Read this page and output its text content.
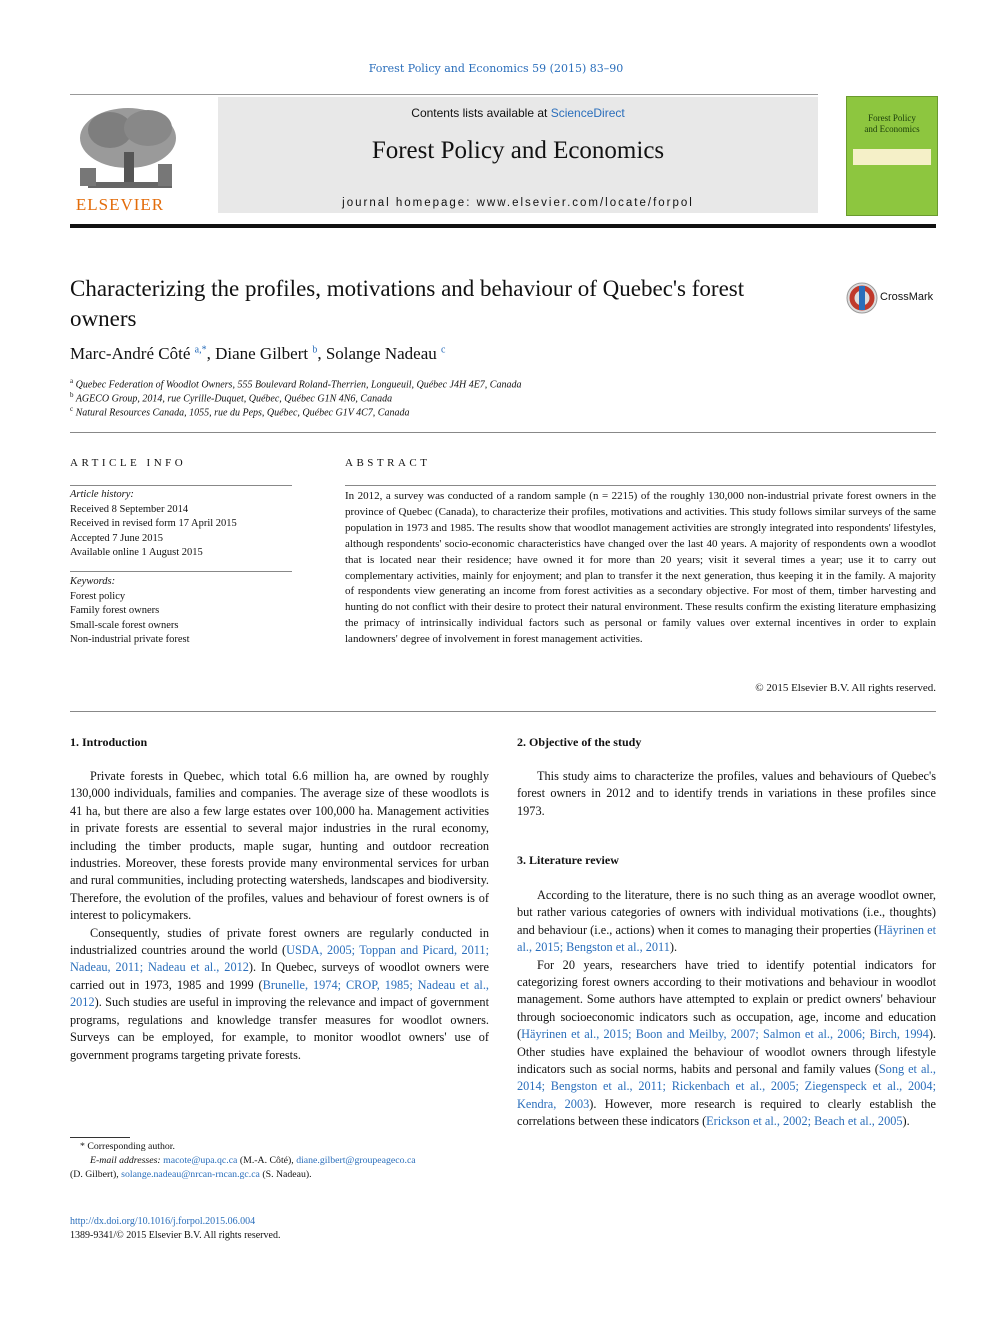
Forest Policy and Economics 59 (2015) 83–90
Contents lists available at ScienceDirect
Forest Policy and Economics
journal homepage: www.elsevier.com/locate/forpol
ELSEVIER
Forest Policy
and Economics
Characterizing the profiles, motivations and behaviour of Quebec's forest owners
CrossMark
Marc-André Côté $^{a,*}$, Diane Gilbert $^b$, Solange Nadeau $^c$
$^a$ Quebec Federation of Woodlot Owners, 555 Boulevard Roland-Therrien, Longueuil, Québec J4H 4E7, Canada
$^b$ AGECO Group, 2014, rue Cyrille-Duquet, Québec, Québec G1N 4N6, Canada
$^c$ Natural Resources Canada, 1055, rue du Peps, Québec, Québec G1V 4C7, Canada
ARTICLE INFO
Article history:
Received 8 September 2014
Received in revised form 17 April 2015
Accepted 7 June 2015
Available online 1 August 2015
Keywords:
Forest policy
Family forest owners
Small-scale forest owners
Non-industrial private forest
ABSTRACT
In 2012, a survey was conducted of a random sample (n = 2215) of the roughly 130,000 non-industrial private forest owners in the province of Quebec (Canada), to characterize their profiles, motivations and activities. This study follows similar surveys of the same population in 1973 and 1985. The results show that woodlot management activities are strongly integrated into respondents' lifestyles, although respondents' socio-economic characteristics have changed over the last 40 years. A majority of respondents own a woodlot that is located near their residence; have owned it for more than 20 years; visit it several times a year; use it to carry out complementary activities, mainly for enjoyment; and plan to transfer it the next generation, thus keeping it in the family. A majority of respondents view generating an income from forest activities as a secondary objective. For most of them, timber harvesting and hunting do not conflict with their desire to protect their natural environment. These results confirm the existing literature emphasizing the primacy of intrinsically individual factors such as personal or family values over external incentives in order to explain landowners' degree of involvement in forest management activities.
© 2015 Elsevier B.V. All rights reserved.
1. Introduction

Private forests in Quebec, which total 6.6 million ha, are owned by roughly 130,000 individuals, families and companies. The average size of these woodlots is 41 ha, but there are also a few large estates over 100,000 ha. Management activities in private forests are essential to several major industries in the rural economy, including the timber products, maple sugar, hunting and outdoor recreation industries. Moreover, these forests provide many environmental services for urban and rural communities, including protecting watersheds, landscapes and biodiversity. Therefore, the evolution of the profiles, values and behaviour of forest owners is of interest to policymakers.

Consequently, studies of private forest owners are regularly conducted in industrialized countries around the world (USDA, 2005; Toppan and Picard, 2011; Nadeau, 2011; Nadeau et al., 2012). In Quebec, surveys of woodlot owners were carried out in 1973, 1985 and 1999 (Brunelle, 1974; CROP, 1985; Nadeau et al., 2012). Such studies are useful in improving the relevance and impact of government programs, regulations and knowledge transfer measures for woodlot owners. Surveys can be employed, for example, to monitor woodlot owners' use of government programs targeting private forests.

2. Objective of the study

This study aims to characterize the profiles, values and behaviours of Quebec's forest owners in 2012 and to identify trends in variations in these profiles since 1973.

3. Literature review

According to the literature, there is no such thing as an average woodlot owner, but rather various categories of owners with individual motivations (i.e., thoughts) and behaviour (i.e., actions) when it comes to managing their properties (Häyrinen et al., 2015; Bengston et al., 2011).

For 20 years, researchers have tried to identify potential indicators for categorizing forest owners according to their motivations and behaviour in woodlot management. Some authors have attempted to explain or predict owners' behaviour through socioeconomic indicators such as occupation, age, income and education (Häyrinen et al., 2015; Boon and Meilby, 2007; Salmon et al., 2006; Birch, 1994). Other studies have explained the behaviour of woodlot owners through lifestyle indicators such as social norms, habits and personal and family values (Song et al., 2014; Bengston et al., 2011; Rickenbach et al., 2005; Ziegenspeck et al., 2004; Kendra, 2003). However, more research is required to clearly establish the correlations between these indicators (Erickson et al., 2002; Beach et al., 2005).

* Corresponding author.
E-mail addresses: macote@upa.qc.ca (M.-A. Côté), diane.gilbert@groupeageco.ca
(D. Gilbert), solange.nadeau@nrcan-rncan.gc.ca (S. Nadeau).
http://dx.doi.org/10.1016/j.forpol.2015.06.004
1389-9341/© 2015 Elsevier B.V. All rights reserved.
